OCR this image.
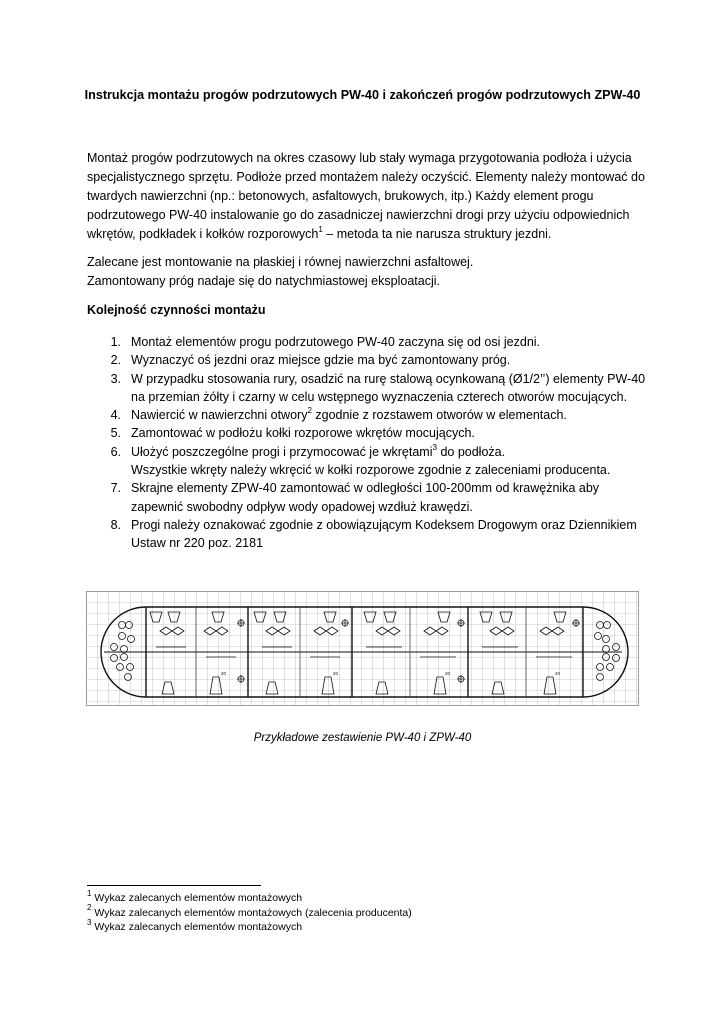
Instrukcja montażu progów podrzutowych PW-40 i zakończeń progów podrzutowych ZPW-40

Montaż progów podrzutowych na okres czasowy lub stały wymaga przygotowania podłoża i użycia

specjalistycznego sprzętu. Podłoże przed montażem należy oczyścić. Elementy należy montować do

twardych nawierzchni (np.: betonowych, asfaltowych, brukowych, itp.) Każdy element progu

podrzutowego PW-40 instalowanie go do zasadniczej nawierzchni drogi przy użyciu odpowiednich

wkrętów, podkładek i kołków rozporowych$^1$ – metoda ta nie narusza struktury jezdni.

Zalecane jest montowanie na płaskiej i równej nawierzchni asfaltowej.

Zamontowany próg nadaje się do natychmiastowej eksploatacji.

Kolejność czynności montażu
1. Montaż elementów progu podrzutowego PW-40 zaczyna się od osi jezdni.
2. Wyznaczyć oś jezdni oraz miejsce gdzie ma być zamontowany próg.
3. W przypadku stosowania rury, osadzić na rurę stalową ocynkowaną (Ø1/2’’) elementy PW-40
na przemian żółty i czarny w celu wstępnego wyznaczenia czterech otworów mocujących.
4. Nawiercić w nawierzchni otwory$^2$ zgodnie z rozstawem otworów w elementach.
5. Zamontować w podłożu kołki rozporowe wkrętów mocujących.
6. Ułożyć poszczególne progi i przymocować je wkrętami$^3$ do podłoża.
Wszystkie wkręty należy wkręcić w kołki rozporowe zgodnie z zaleceniami producenta.
7. Skrajne elementy ZPW-40 zamontować w odległości 100-200mm od krawężnika aby
zapewnić swobodny odpływ wody opadowej wzdłuż krawędzi.
8. Progi należy oznakować zgodnie z obowiązującym Kodeksem Drogowym oraz Dziennikiem
Ustaw nr 220 poz. 2181
20	20	20	20
Przykładowe zestawienie PW-40 i ZPW-40
$^1$ Wykaz zalecanych elementów montażowych
$^2$ Wykaz zalecanych elementów montażowych (zalecenia producenta)
$^3$ Wykaz zalecanych elementów montażowych
